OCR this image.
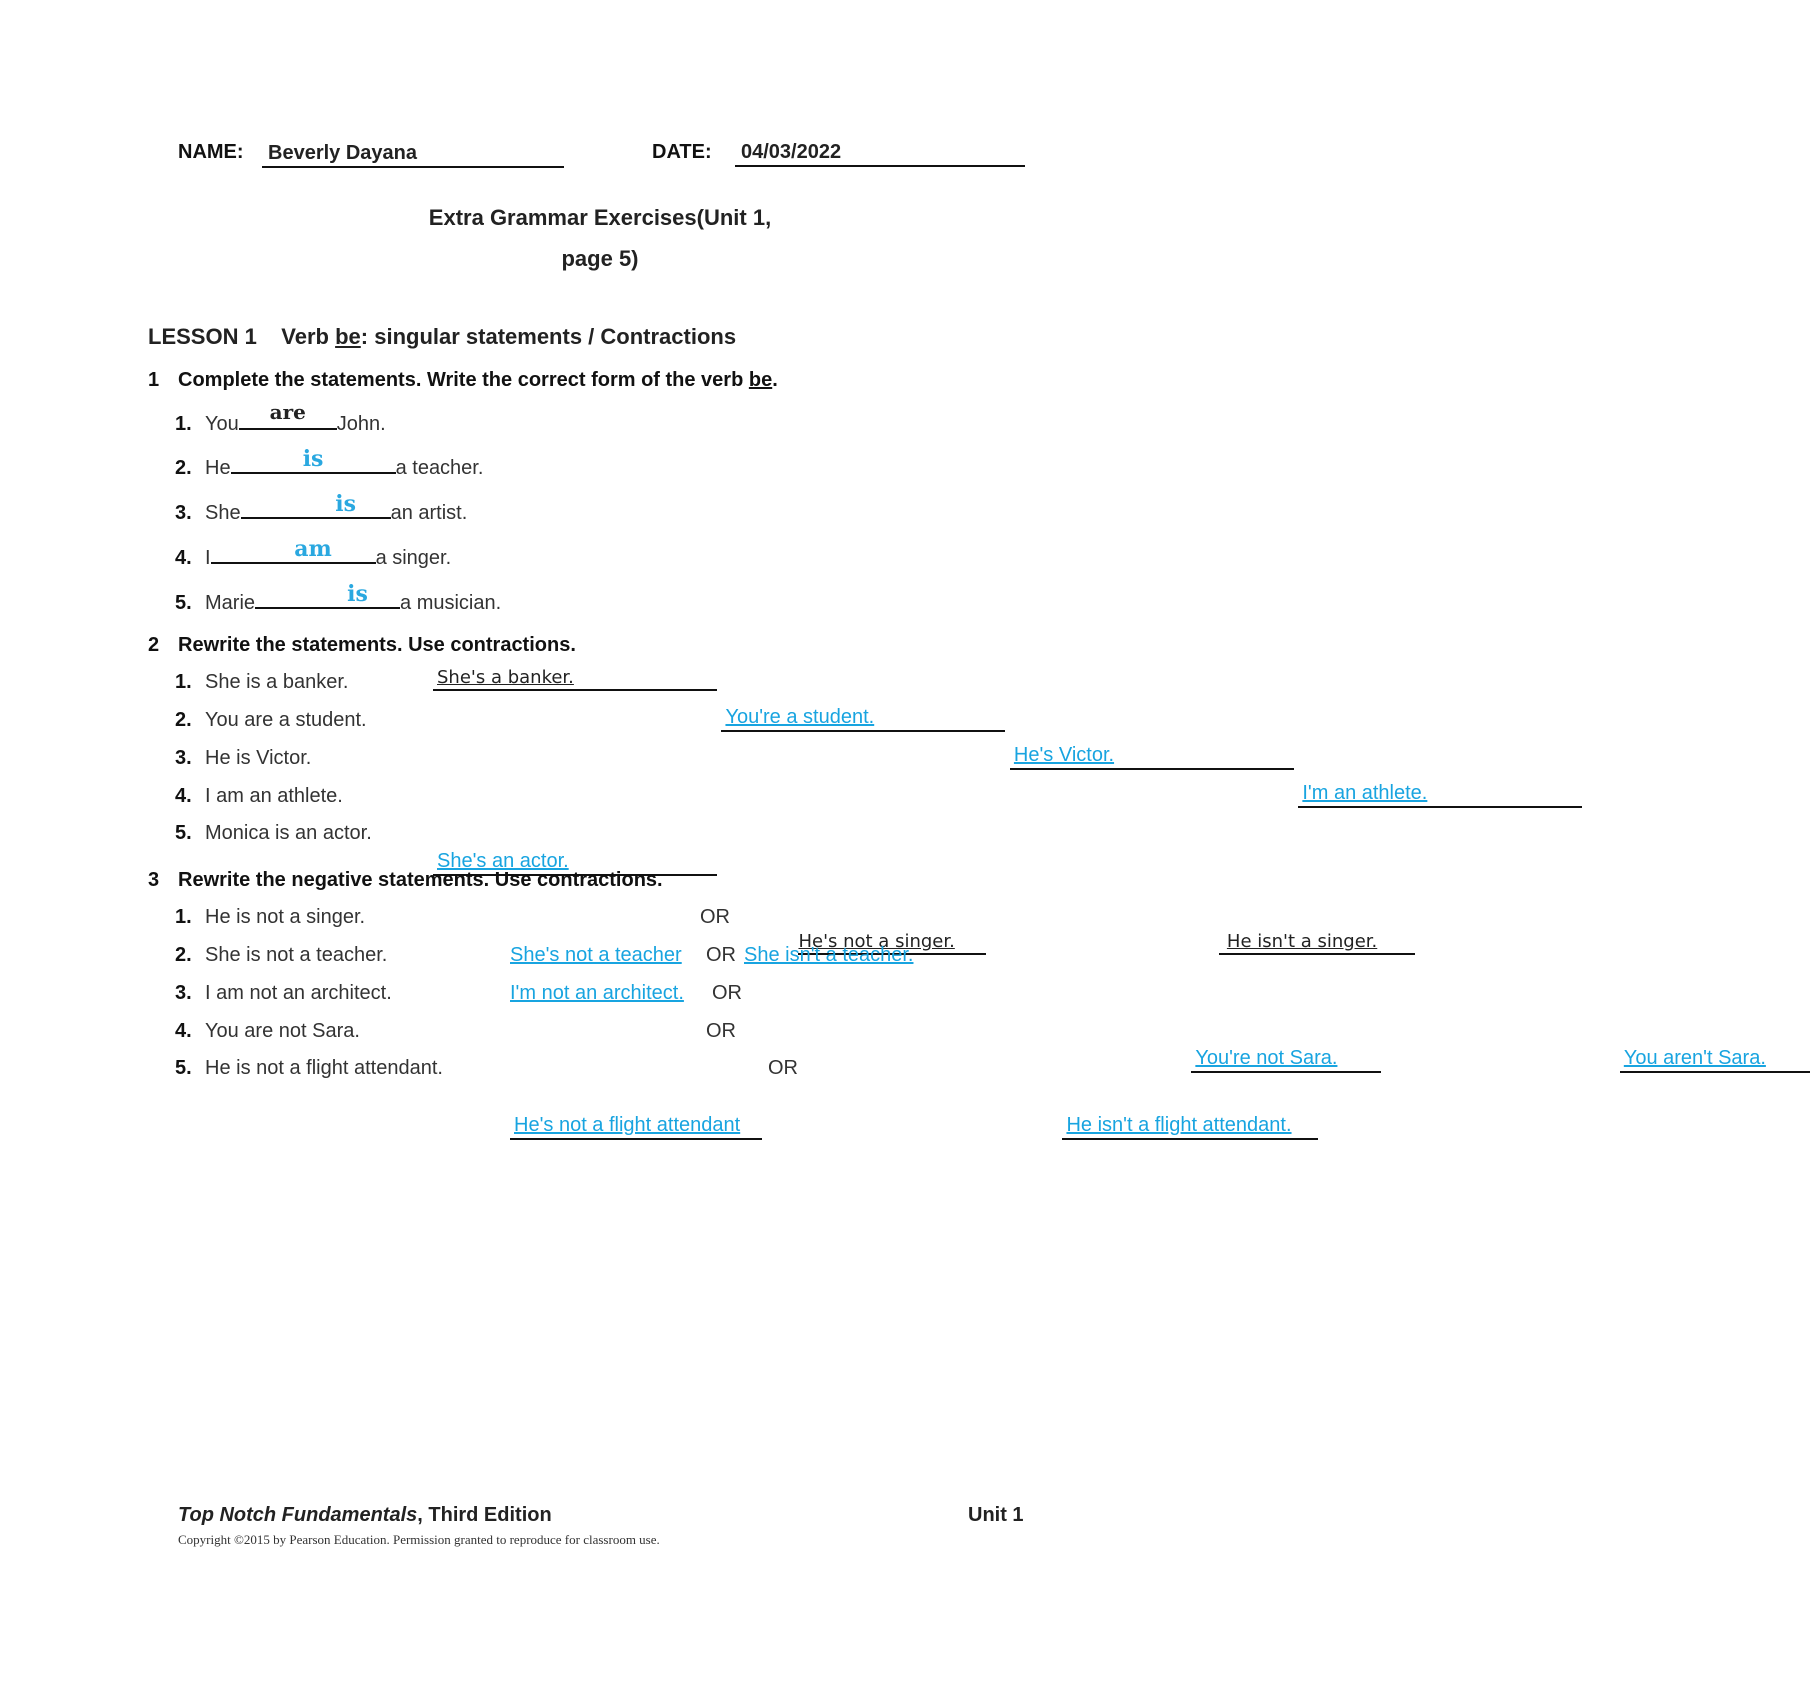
NAME: Beverly Dayana	DATE: 04/03/2022
Extra Grammar Exercises(Unit 1,
page 5)
LESSON 1 Verb be: singular statements / Contractions
1 Complete the statements. Write the correct form of the verb be.
1. You	are	John.
2. He	is	a teacher.
3. She	is	an artist.
4. I	am	a singer.
5. Marie	is	a musician.
2 Rewrite the statements. Use contractions.
1. She is a banker.	She's a banker.

2. You are a student.	You're a student.

3. He is Victor.	He's Victor.

4. I am an athlete.	I'm an athlete.

5. Monica is an actor.
She's an actor.

3 Rewrite the negative statements. Use contractions.
1. He is not a singer.
He's not a singer.

OR
He isn't a singer.

2. She is not a teacher.	She's not a teacher OR She isn't a teacher.
3. I am not an architect.	I'm not an architect. OR
4. You are not Sara.
You're not Sara.

OR
You aren't Sara.

5. He is not a flight attendant.
He's not a flight attendant

OR
He isn't a flight attendant.
Top Notch Fundamentals, Third Edition	Unit 1
Copyright ©2015 by Pearson Education. Permission granted to reproduce for classroom use.
